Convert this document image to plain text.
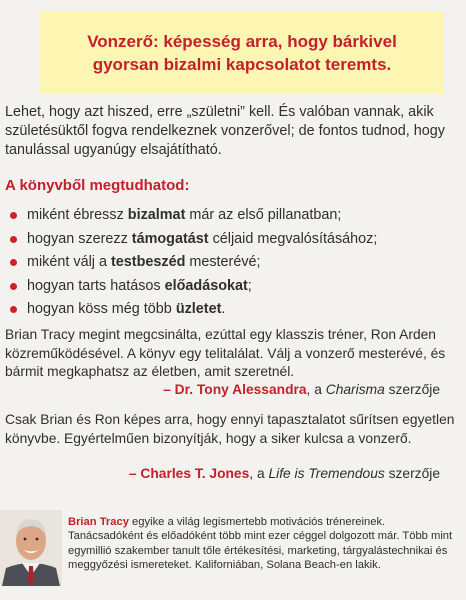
Vonzerő: képesség arra, hogy bárkivel
gyorsan bizalmi kapcsolatot teremts.

Lehet, hogy azt hiszed, erre „születni” kell. És valóban vannak, akik születésüktől fogva rendelkeznek vonzerővel; de fontos tudnod, hogy tanulással ugyanúgy elsajátítható.

A könyvből megtudhatod:
miként ébressz bizalmat már az első pillanatban;
hogyan szerezz támogatást céljaid megvalósításához;
miként válj a testbeszéd mesterévé;
hogyan tarts hatásos előadásokat;
hogyan köss még több üzletet.

Brian Tracy megint megcsinálta, ezúttal egy klasszis tréner, Ron Arden közreműködésével. A könyv egy telitalálat. Válj a vonzerő mesterévé, és bármit megkaphatsz az életben, amit szeretnél.

– Dr. Tony Alessandra, a Charisma szerzője

Csak Brian és Ron képes arra, hogy ennyi tapasztalatot sűrítsen egyetlen könyvbe. Egyértelműen bizonyítják, hogy a siker kulcsa a vonzerő.

– Charles T. Jones, a Life is Tremendous szerzője

Brian Tracy egyike a világ legismertebb motivációs trénereinek. Tanácsadóként és előadóként több mint ezer céggel dolgozott már. Több mint egymillió szakember tanult tőle értékesítési, marketing, tárgyalástechnikai és meggyőzési ismereteket. Kaliforniában, Solana Beach-en lakik.
